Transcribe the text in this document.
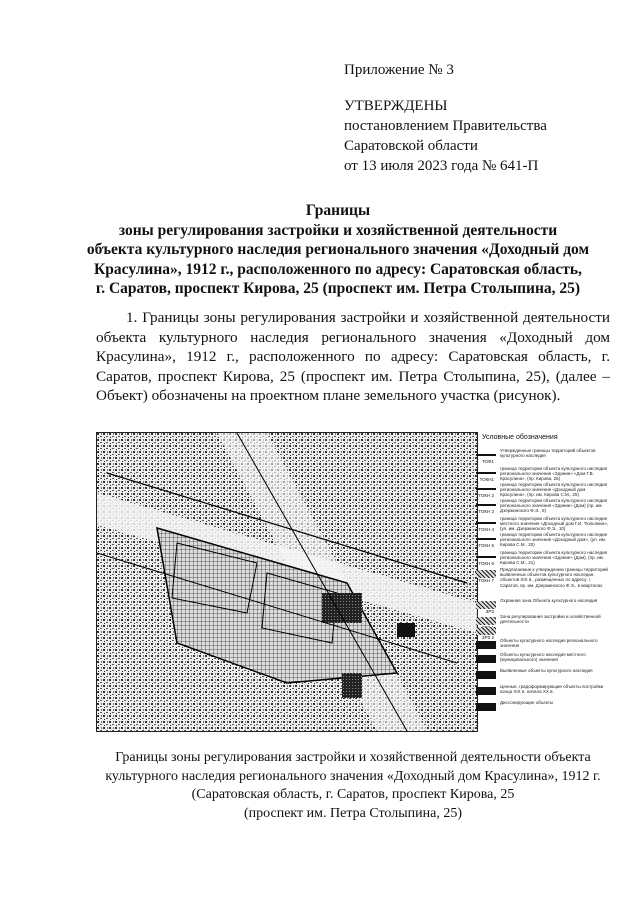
Приложение № 3
УТВЕРЖДЕНЫ
постановлением Правительства
Саратовской области
от 13 июля 2023 года № 641-П
Границы
зоны регулирования застройки и хозяйственной деятельности
объекта культурного наследия регионального значения «Доходный дом
Красулина», 1912 г., расположенного по адресу: Саратовская область,
г. Саратов, проспект Кирова, 25 (проспект им. Петра Столыпина, 25)
1. Границы зоны регулирования застройки и хозяйственной деятельности объекта культурного наследия регионального значения «Доходный дом Красулина», 1912 г., расположенного по адресу: Саратовская область, г. Саратов, проспект Кирова, 25 (проспект им. Петра Столыпина, 25), (далее – Объект) обозначены на проектном плане земельного участка (рисунок).
Условные обозначения
ТОФ1
Утвержденные границы территорий объектов культурного наследия
ТОКН1
граница территории объекта культурного наследия регионального значения «Здание» «Дом Г.В. Красулина», (пр. Кирова, 25)
ТОКН 2
граница территории объекта культурного наследия регионального значения «Доходный дом Красулина», (пр. им. Кирова С.М., 25)
ТОКН 3
граница территории объекта культурного наследия регионального значения «Здание» (Дом) (пр. им. Дзержинского Ф.Э., 8)
ТОКН 4
граница территории объекта культурного наследия местного значения «Доходный дом Г.И. Тюльпина», (ул. им. Дзержинского Ф.Э., 10)
ТОКН 5
граница территории объекта культурного наследия регионального значения «Доходный дом», (ул. им. Кирова С.М., 20)
ТОКН 6
граница территории объекта культурного наследия регионального значения «Здание» (Дом), (пр. им. Кирова С.М., 21)
ТОКН 7
Предлагаемые к утверждению границы территорий выявленных объектов культурного наследия, объектов XIX в., размещенных по адресу: г. Саратов, пр. им. Дзержинского Ф.Э., в кварталах
ЗРЗ
Охранная зона Объекта культурного наследия
Зона регулирования застройки и хозяйственной деятельности
ЗРЗ 2
Объекты культурного наследия регионального значения
Объекты культурного наследия местного (муниципального) значения
Выявленные объекты культурного наследия
Ценные, градоформирующие объекты постройки конца XIX в. начала XX в.
Диссонирующие объекты
Границы зоны регулирования застройки и хозяйственной деятельности объекта
культурного наследия регионального значения «Доходный дом Красулина», 1912 г.
(Саратовская область, г. Саратов, проспект Кирова, 25
(проспект им. Петра Столыпина, 25)
